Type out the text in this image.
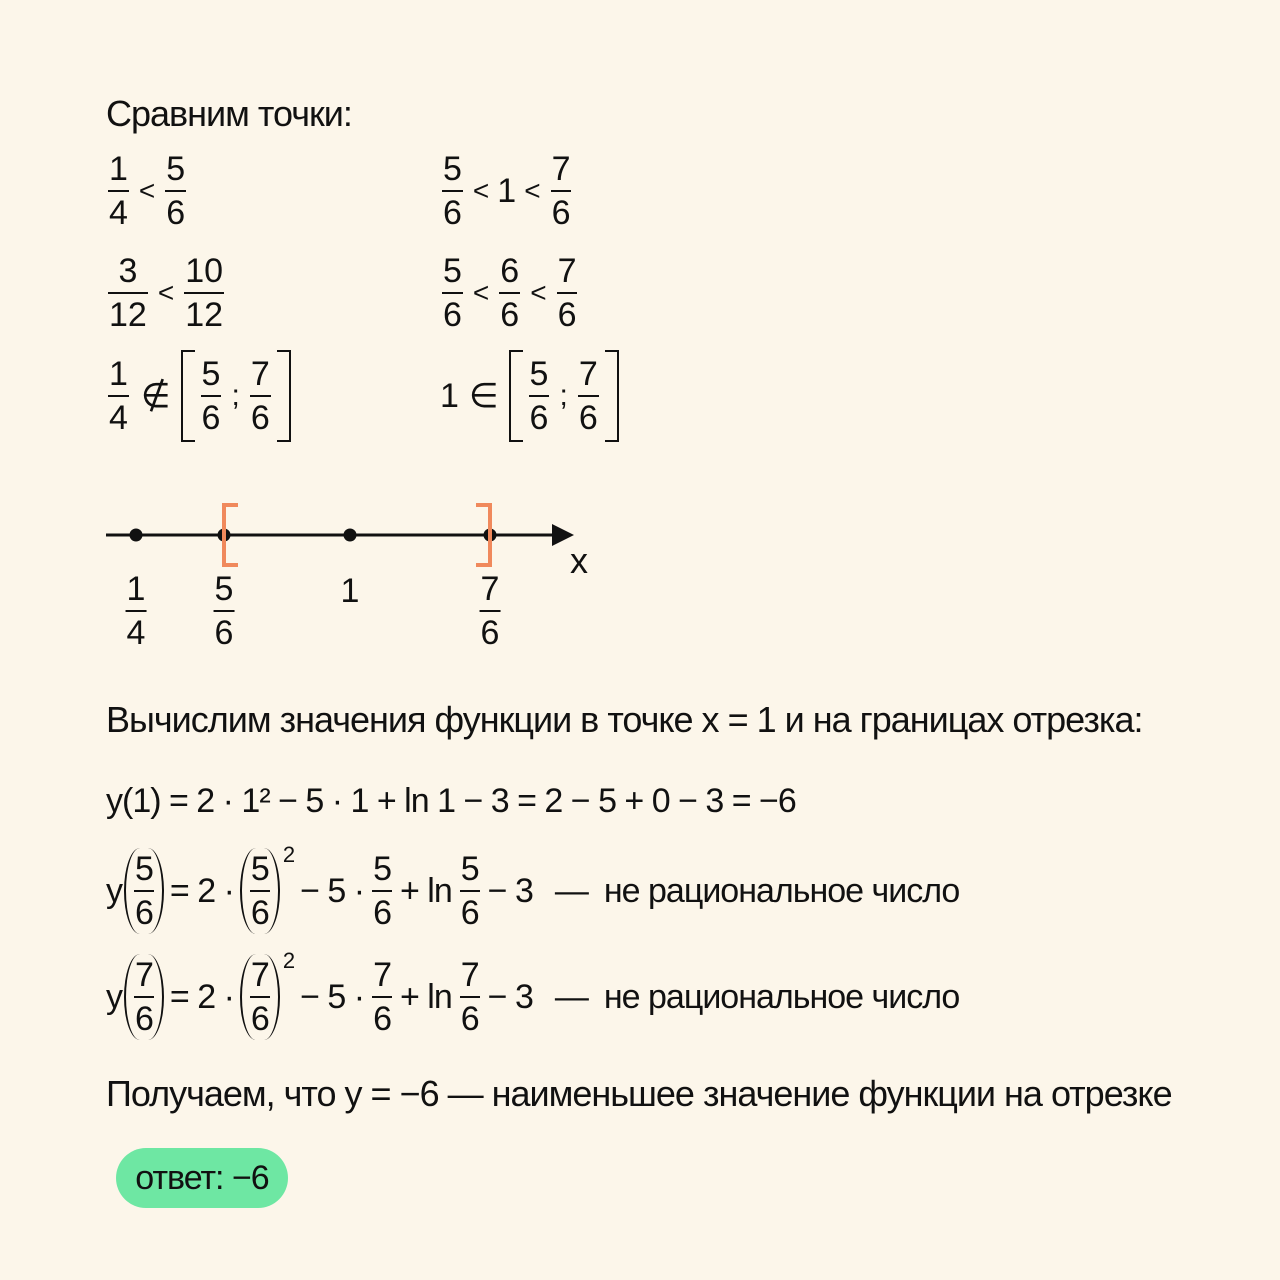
Сравним точки:
$\frac{1}{4} < \frac{5}{6}$
$\frac{3}{12} < \frac{10}{12}$
$\frac{1}{4}$ ∉ $\frac{5}{6}$ ; $\frac{7}{6}$
$\frac{5}{6} < 1 < \frac{7}{6}$
$\frac{5}{6} < \frac{6}{6} < \frac{7}{6}$
1 ∈ $\frac{5}{6}$ ; $\frac{7}{6}$
x
$\frac{1}{4} \frac{5}{6}$	1	$\frac{7}{6}$
Вычислим значения функции в точке x = 1 и на границах отрезка:
y(1) = 2 · 1² − 5 · 1 + ln 1 − 3 = 2 − 5 + 0 − 3 = −6
y $\frac{5}{6} = 2 \cdot \frac{5}{6} 2$
− $5 \cdot \frac{5}{6} + \ln \frac{5}{6} - 3$ — не рациональное число
y $\frac{7}{6} = 2 \cdot \frac{7}{6} 2$
− $5 \cdot \frac{7}{6} + \ln \frac{7}{6} - 3$ — не рациональное число
Получаем, что y = −6 — наименьшее значение функции на отрезке
ответ: −6
